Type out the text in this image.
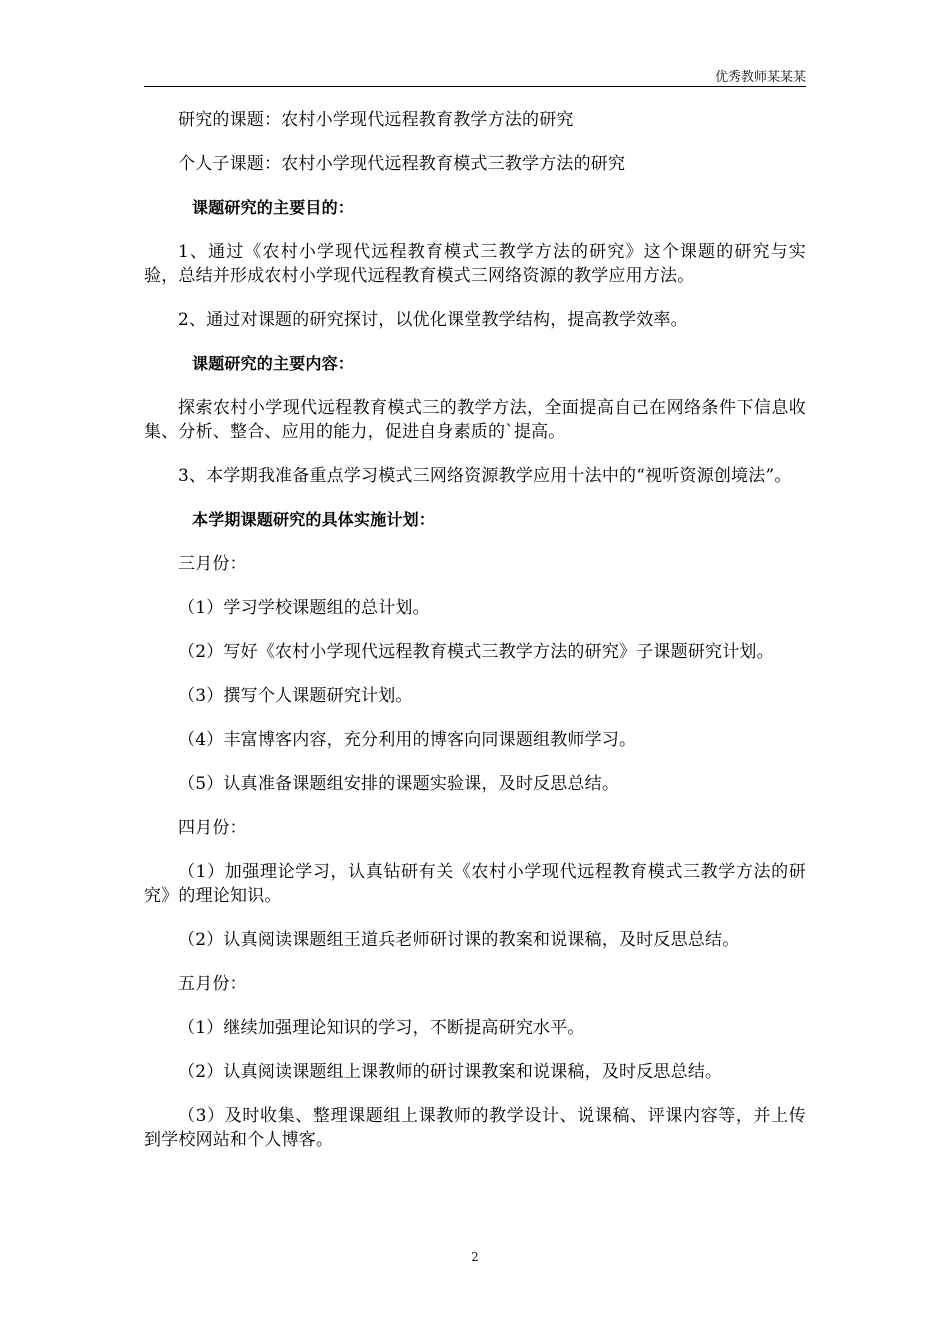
优秀教师某某某

研究的课题：农村小学现代远程教育教学方法的研究

个人子课题：农村小学现代远程教育模式三教学方法的研究

课题研究的主要目的：

1、通过《农村小学现代远程教育模式三教学方法的研究》这个课题的研究与实验，总结并形成农村小学现代远程教育模式三网络资源的教学应用方法。

2、通过对课题的研究探讨，以优化课堂教学结构，提高教学效率。

课题研究的主要内容：

探索农村小学现代远程教育模式三的教学方法，全面提高自己在网络条件下信息收集、分析、整合、应用的能力，促进自身素质的`提高。

3、本学期我准备重点学习模式三网络资源教学应用十法中的“视听资源创境法”。

本学期课题研究的具体实施计划：

三月份：

（1）学习学校课题组的总计划。

（2）写好《农村小学现代远程教育模式三教学方法的研究》子课题研究计划。

（3）撰写个人课题研究计划。

（4）丰富博客内容，充分利用的博客向同课题组教师学习。

（5）认真准备课题组安排的课题实验课，及时反思总结。

四月份：

（1）加强理论学习，认真钻研有关《农村小学现代远程教育模式三教学方法的研究》的理论知识。

（2）认真阅读课题组王道兵老师研讨课的教案和说课稿，及时反思总结。

五月份：

（1）继续加强理论知识的学习，不断提高研究水平。

（2）认真阅读课题组上课教师的研讨课教案和说课稿，及时反思总结。

（3）及时收集、整理课题组上课教师的教学设计、说课稿、评课内容等，并上传到学校网站和个人博客。

2
